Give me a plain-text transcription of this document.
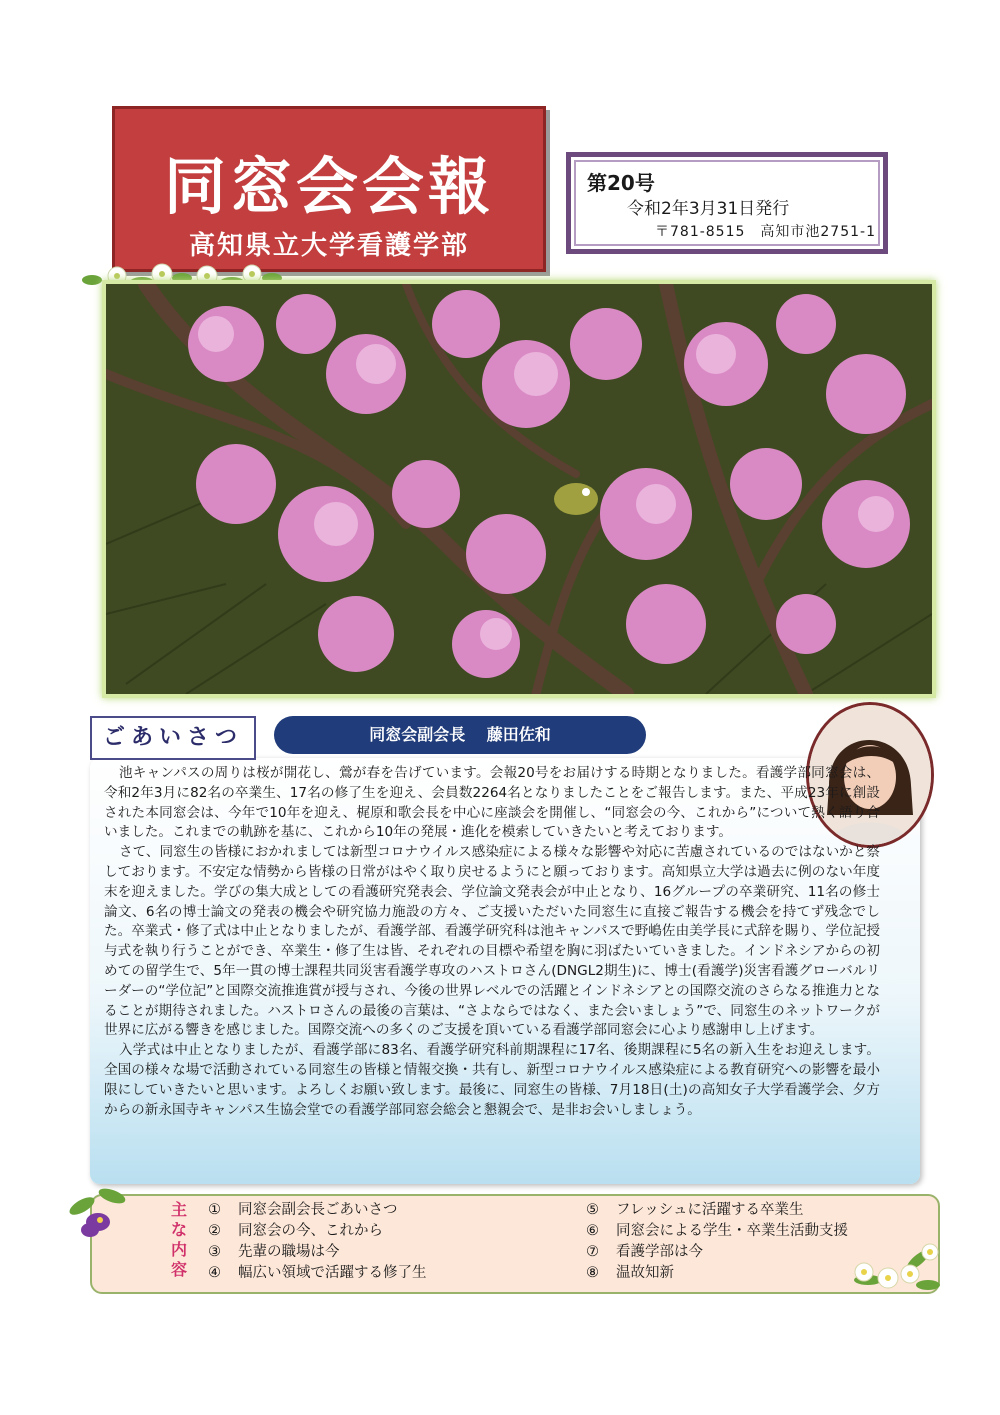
同窓会会報
高知県立大学看護学部
第20号
令和2年3月31日発行
〒781-8515　高知市池2751-1
ごあいさつ	同窓会副会長 藤田佐和

池キャンパスの周りは桜が開花し、鶯が春を告げています。会報20号をお届けする時期となりました。看護学部同窓会は、令和2年3月に82名の卒業生、17名の修了生を迎え、会員数2264名となりましたことをご報告します。また、平成23年に創設された本同窓会は、今年で10年を迎え、梶原和歌会長を中心に座談会を開催し、“同窓会の今、これから”について熱く語り合いました。これまでの軌跡を基に、これから10年の発展・進化を模索していきたいと考えております。

さて、同窓生の皆様におかれましては新型コロナウイルス感染症による様々な影響や対応に苦慮されているのではないかと察しております。不安定な情勢から皆様の日常がはやく取り戻せるようにと願っております。高知県立大学は過去に例のない年度末を迎えました。学びの集大成としての看護研究発表会、学位論文発表会が中止となり、16グループの卒業研究、11名の修士論文、6名の博士論文の発表の機会や研究協力施設の方々、ご支援いただいた同窓生に直接ご報告する機会を持てず残念でした。卒業式・修了式は中止となりましたが、看護学部、看護学研究科は池キャンパスで野嶋佐由美学長に式辞を賜り、学位記授与式を執り行うことができ、卒業生・修了生は皆、それぞれの目標や希望を胸に羽ばたいていきました。インドネシアからの初めての留学生で、5年一貫の博士課程共同災害看護学専攻のハストロさん(DNGL2期生)に、博士(看護学)災害看護グローバルリーダーの“学位記”と国際交流推進賞が授与され、今後の世界レベルでの活躍とインドネシアとの国際交流のさらなる推進力となることが期待されました。ハストロさんの最後の言葉は、“さよならではなく、また会いましょう”で、同窓生のネットワークが世界に広がる響きを感じました。国際交流への多くのご支援を頂いている看護学部同窓会に心より感謝申し上げます。

入学式は中止となりましたが、看護学部に83名、看護学研究科前期課程に17名、後期課程に5名の新入生をお迎えします。全国の様々な場で活動されている同窓生の皆様と情報交換・共有し、新型コロナウイルス感染症による教育研究への影響を最小限にしていきたいと思います。よろしくお願い致します。最後に、同窓生の皆様、7月18日(土)の高知女子大学看護学会、夕方からの新永国寺キャンパス生協会堂での看護学部同窓会総会と懇親会で、是非お会いしましょう。

主な内容
① 同窓会副会長ごあいさつ
② 同窓会の今、これから
③ 先輩の職場は今
④ 幅広い領域で活躍する修了生
⑤ フレッシュに活躍する卒業生
⑥ 同窓会による学生・卒業生活動支援
⑦ 看護学部は今
⑧ 温故知新
